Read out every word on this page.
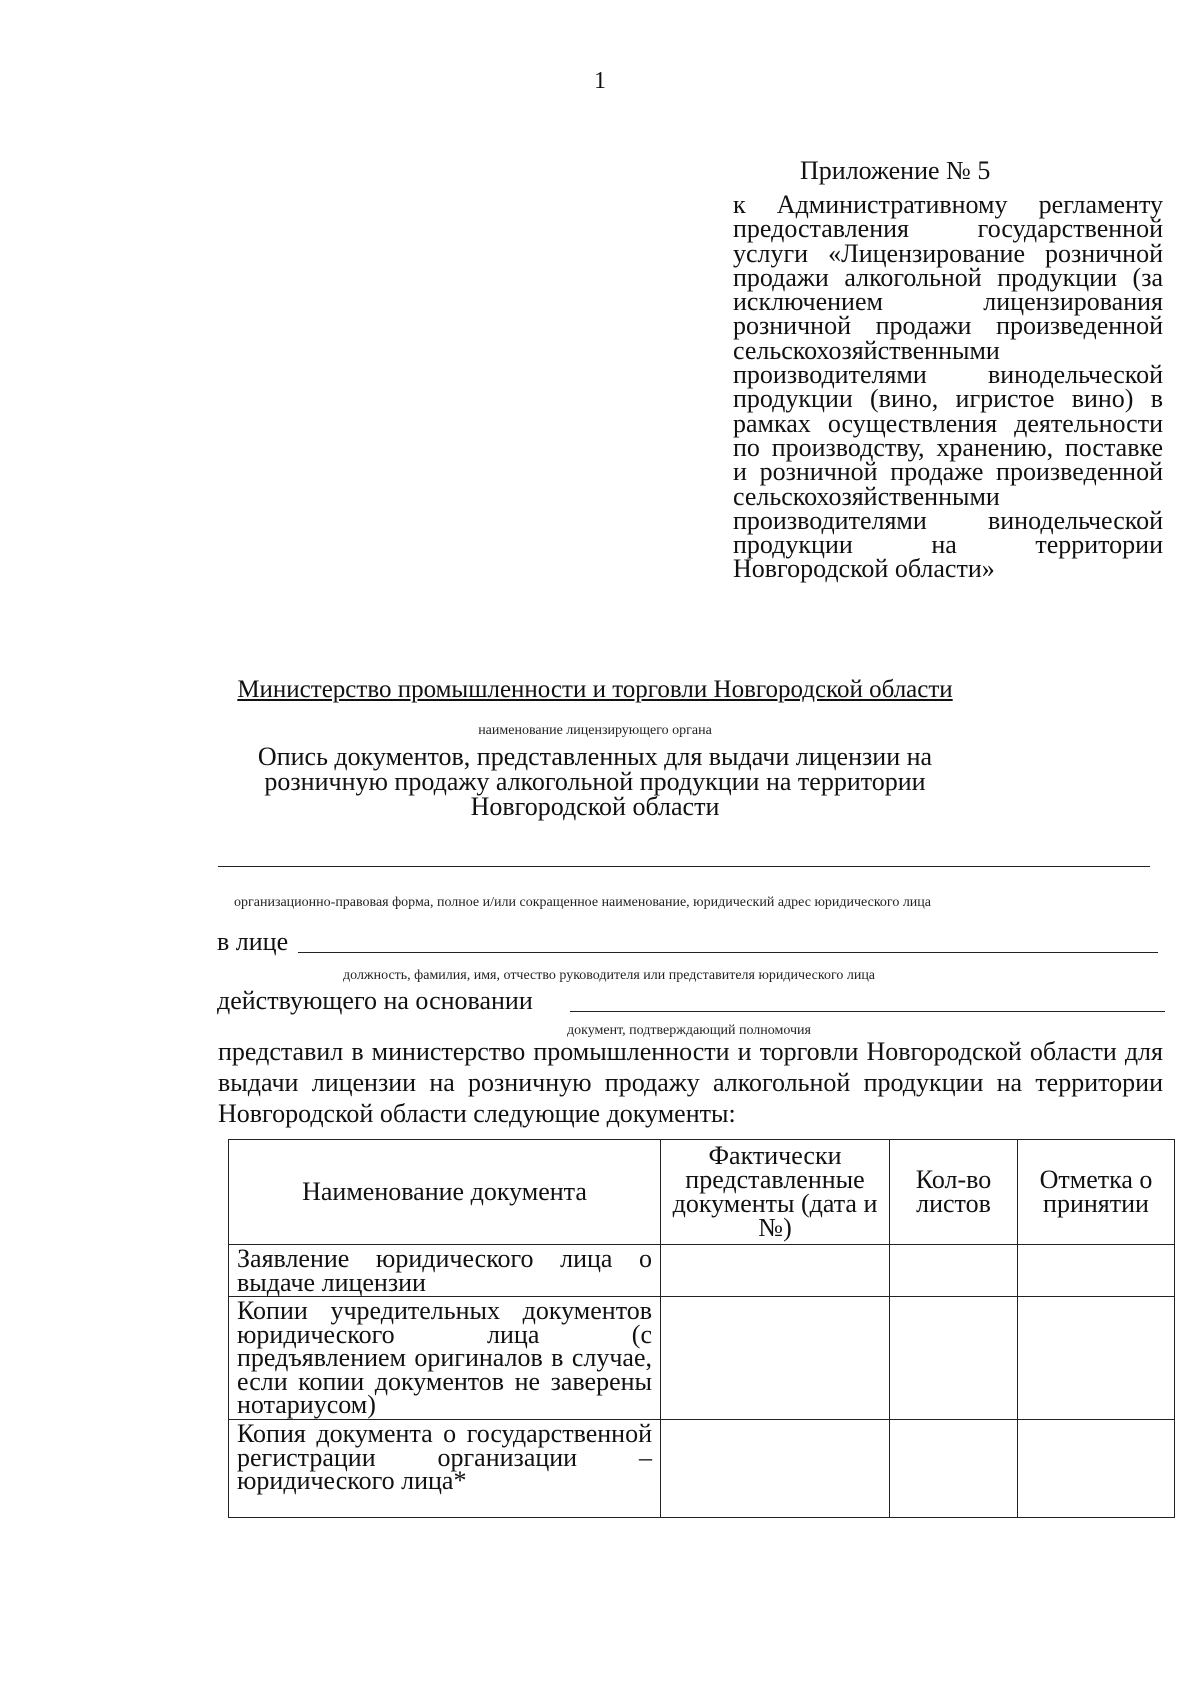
1
Приложение № 5
к Административному регламенту предоставления государственной услуги «Лицензирование розничной продажи алкогольной продукции (за исключением лицензирования розничной продажи произведенной сельскохозяйственными производителями винодельческой продукции (вино, игристое вино) в рамках осуществления деятельности по производству, хранению, поставке и розничной продаже произведенной сельскохозяйственными производителями винодельческой продукции на территории Новгородской области»
Министерство промышленности и торговли Новгородской области
наименование лицензирующего органа
Опись документов, представленных для выдачи лицензии на
розничную продажу алкогольной продукции на территории
Новгородской области
организационно-правовая форма, полное и/или сокращенное наименование, юридический адрес юридического лица
в лице
должность, фамилия, имя, отчество руководителя или представителя юридического лица
действующего на основании
документ, подтверждающий полномочия
представил в министерство промышленности и торговли Новгородской области для выдачи лицензии на розничную продажу алкогольной продукции на территории Новгородской области следующие документы:
Наименование документа	Фактически представленные документы (дата и №)	Кол-во листов	Отметка о принятии
Заявление юридического лица о выдаче лицензии			
Копии учредительных документов юридического лица (с предъявлением оригиналов в случае, если копии документов не заверены нотариусом)			
Копия документа о государственной регистрации организации – юридического лица*			
